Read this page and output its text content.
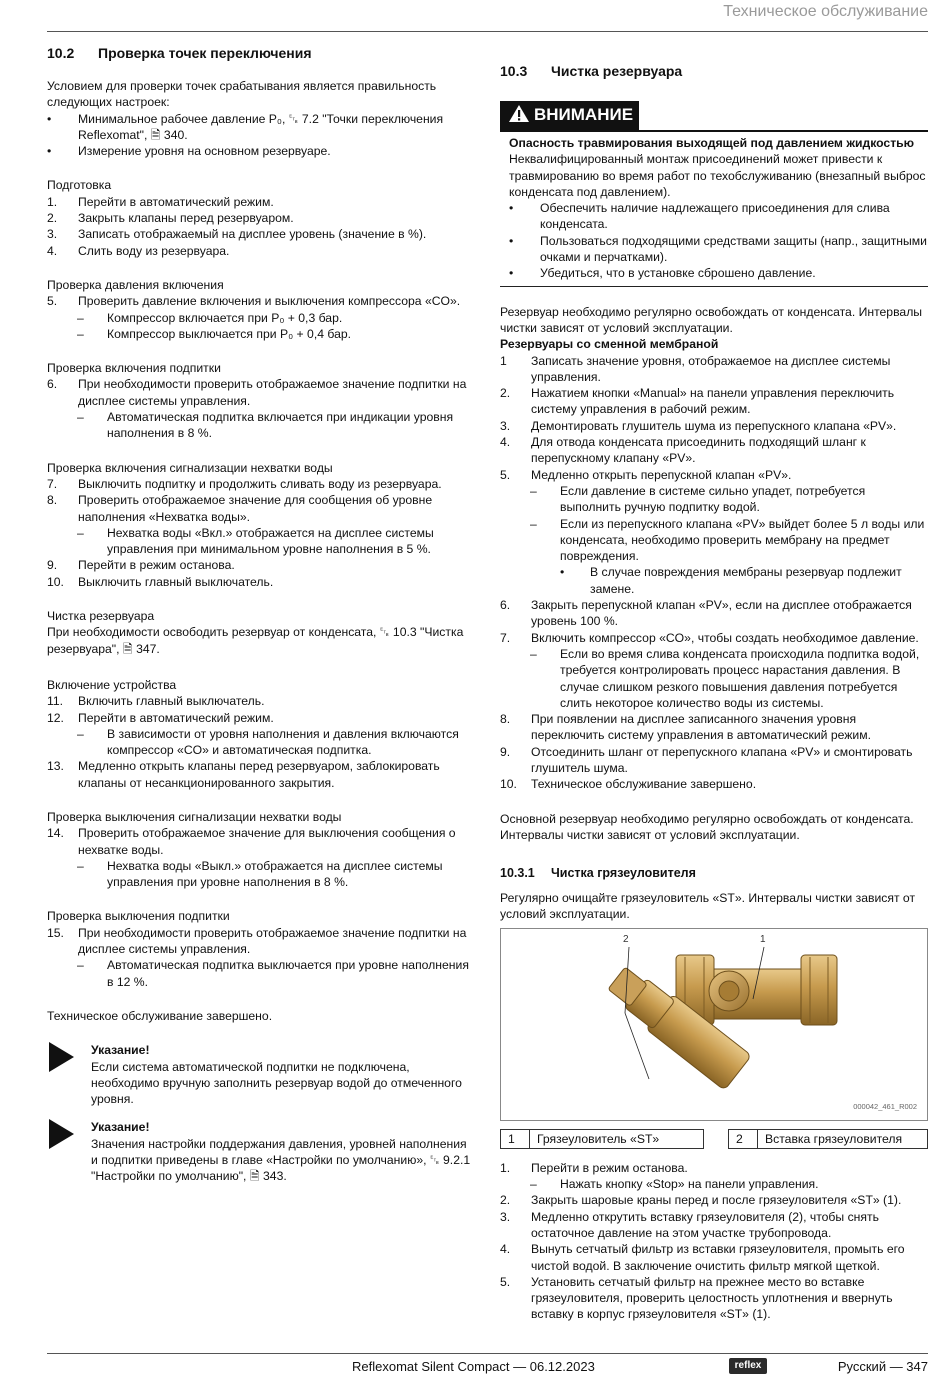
Техническое обслуживание
10.2 Проверка точек переключения
Условием для проверки точек срабатывания является правильность следующих настроек:
• Минимальное рабочее давление P₀, ␗ 7.2 "Точки переключения Reflexomat", 🗎 340.
• Измерение уровня на основном резервуаре.
Подготовка
1. Перейти в автоматический режим.
2. Закрыть клапаны перед резервуаром.
3. Записать отображаемый на дисплее уровень (значение в %).
4. Слить воду из резервуара.
Проверка давления включения
5. Проверить давление включения и выключения компрессора «CO».
– Компрессор включается при P₀ + 0,3 бар.
– Компрессор выключается при P₀ + 0,4 бар.
Проверка включения подпитки
6. При необходимости проверить отображаемое значение подпитки на дисплее системы управления.
– Автоматическая подпитка включается при индикации уровня наполнения в 8 %.
Проверка включения сигнализации нехватки воды
7. Выключить подпитку и продолжить сливать воду из резервуара.
8. Проверить отображаемое значение для сообщения об уровне наполнения «Нехватка воды».
– Нехватка воды «Вкл.» отображается на дисплее системы управления при минимальном уровне наполнения в 5 %.
9. Перейти в режим останова.
10. Выключить главный выключатель.
Чистка резервуара
При необходимости освободить резервуар от конденсата, ␗ 10.3 "Чистка резервуара", 🗎 347.
Включение устройства
11. Включить главный выключатель.
12. Перейти в автоматический режим.
– В зависимости от уровня наполнения и давления включаются компрессор «CO» и автоматическая подпитка.
13. Медленно открыть клапаны перед резервуаром, заблокировать клапаны от несанкционированного закрытия.
Проверка выключения сигнализации нехватки воды
14. Проверить отображаемое значение для выключения сообщения о нехватке воды.
– Нехватка воды «Выкл.» отображается на дисплее системы управления при уровне наполнения в 8 %.
Проверка выключения подпитки
15. При необходимости проверить отображаемое значение подпитки на дисплее системы управления.
– Автоматическая подпитка выключается при уровне наполнения в 12 %.
Техническое обслуживание завершено.
Указание!
Если система автоматической подпитки не подключена, необходимо вручную заполнить резервуар водой до отмеченного уровня.
Указание!
Значения настройки поддержания давления, уровней наполнения и подпитки приведены в главе «Настройки по умолчанию», ␗ 9.2.1 "Настройки по умолчанию", 🗎 343.
10.3 Чистка резервуара
ВНИМАНИЕ
Опасность травмирования выходящей под давлением жидкостью
Неквалифицированный монтаж присоединений может привести к травмированию во время работ по техобслуживанию (внезапный выброс конденсата под давлением).
• Обеспечить наличие надлежащего присоединения для слива конденсата.
• Пользоваться подходящими средствами защиты (напр., защитными очками и перчатками).
• Убедиться, что в установке сброшено давление.
Резервуар необходимо регулярно освобождать от конденсата. Интервалы чистки зависят от условий эксплуатации.
Резервуары со сменной мембраной
1 Записать значение уровня, отображаемое на дисплее системы управления.
2. Нажатием кнопки «Manual» на панели управления переключить систему управления в рабочий режим.
3. Демонтировать глушитель шума из перепускного клапана «PV».
4. Для отвода конденсата присоединить подходящий шланг к перепускному клапану «PV».
5. Медленно открыть перепускной клапан «PV».
– Если давление в системе сильно упадет, потребуется выполнить ручную подпитку водой.
– Если из перепускного клапана «PV» выйдет более 5 л воды или конденсата, необходимо проверить мембрану на предмет повреждения.
• В случае повреждения мембраны резервуар подлежит замене.
6. Закрыть перепускной клапан «PV», если на дисплее отображается уровень 100 %.
7. Включить компрессор «CO», чтобы создать необходимое давление.
– Если во время слива конденсата происходила подпитка водой, требуется контролировать процесс нарастания давления. В случае слишком резкого повышения давления потребуется слить некоторое количество воды из системы.
8. При появлении на дисплее записанного значения уровня переключить систему управления в автоматический режим.
9. Отсоединить шланг от перепускного клапана «PV» и смонтировать глушитель шума.
10. Техническое обслуживание завершено.
Основной резервуар необходимо регулярно освобождать от конденсата. Интервалы чистки зависят от условий эксплуатации.
10.3.1 Чистка грязеуловителя
Регулярно очищайте грязеуловитель «ST». Интервалы чистки зависят от условий эксплуатации.
2	1
000042_461_R002
1	Грязеуловитель «ST»	2	Вставка грязеуловителя
1. Перейти в режим останова.
– Нажать кнопку «Stop» на панели управления.
2. Закрыть шаровые краны перед и после грязеуловителя «ST» (1).
3. Медленно открутить вставку грязеуловителя (2), чтобы снять остаточное давление на этом участке трубопровода.
4. Вынуть сетчатый фильтр из вставки грязеуловителя, промыть его чистой водой. В заключение очистить фильтр мягкой щеткой.
5. Установить сетчатый фильтр на прежнее место во вставке грязеуловителя, проверить целостность уплотнения и ввернуть вставку в корпус грязеуловителя «ST» (1).
Reflexomat Silent Compact — 06.12.2023	reflex	Русский — 347
